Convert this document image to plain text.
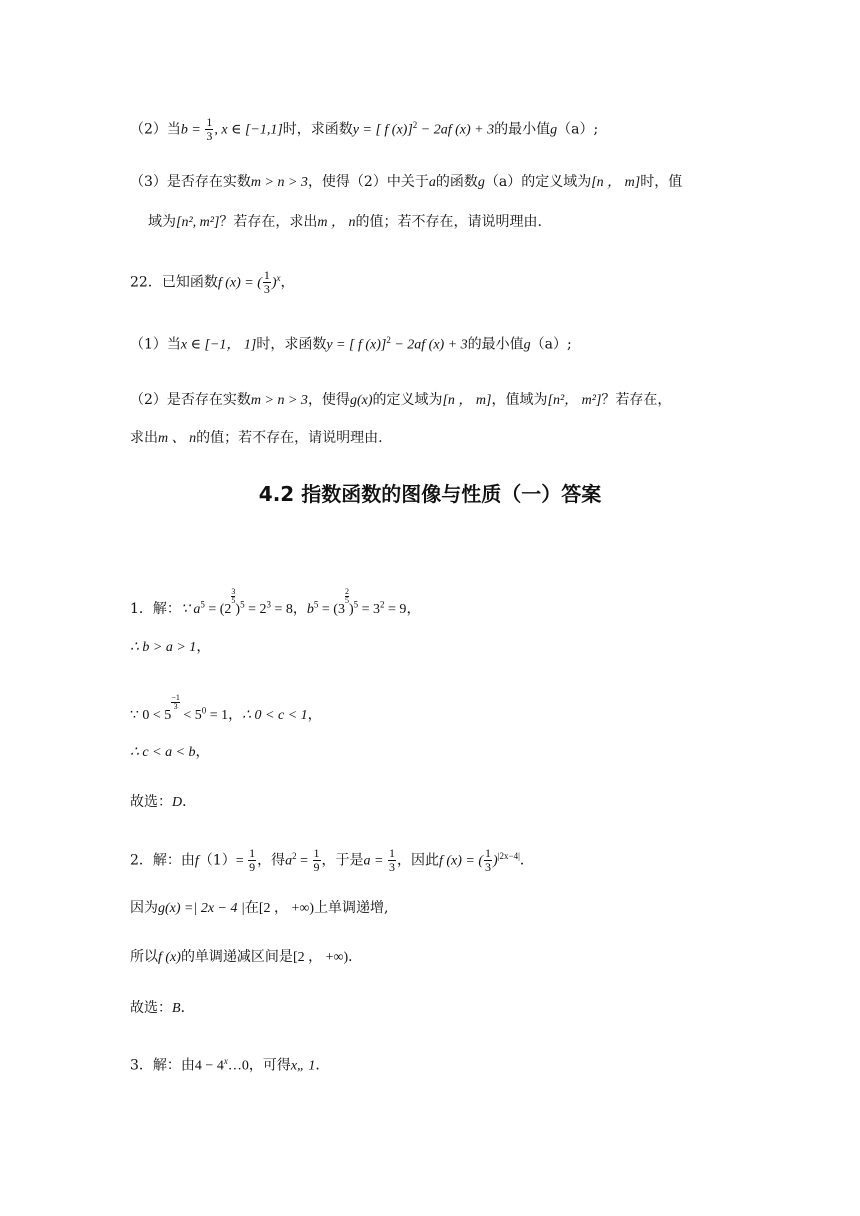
（2）当$b = \frac{1}{3}$ , x ∈ [−1,1]时，求函数y = [ f (x)]$^2$ − 2af (x) + 3的最小值g（a）;
（3）是否存在实数m > n > 3，使得（2）中关于a的函数g（a）的定义域为[n ， m]时，值
域为[n², m²]？若存在，求出m ， n的值；若不存在，请说明理由.
22．已知函数f (x) = ( $\frac{1}{3} )^x$，
（1）当x ∈ [−1， 1]时，求函数y = [ f (x)]$^2$ − 2af (x) + 3的最小值g（a）;
（2）是否存在实数m > n > 3，使得g(x)的定义域为[n ， m]，值域为[n²， m²]？若存在，
求出m 、 n的值；若不存在，请说明理由.
4.2 指数函数的图像与性质（一）答案
1．解：∵ $a^5 = (2$
$\frac{3}{5})^5 = 2^3 = 8$，$b^5 = (3$
$\frac{2}{5})^5 = 3^2 = 9$，
∴ b > a > 1，
∵ 0 < 5
$\frac{-1}{3} < 5^0 = 1$，∴ 0 < c < 1，
∴ c < a < b，
故选：D．
2．解：由$f(1)= \frac{1}{9}$ ，得$a^2 = \frac{1}{9}$ ，于是$a = \frac{1}{3}$ ，因此f (x) = ( $\frac{1}{3} )^{|2x-4|}$．
因为g(x) =| 2x − 4 |在[2 ， +∞)上单调递增,
所以f (x)的单调递减区间是[2 ， +∞)．
故选：B．
3．解：由$4 - 4^x\dots 0$，可得x„ 1．
